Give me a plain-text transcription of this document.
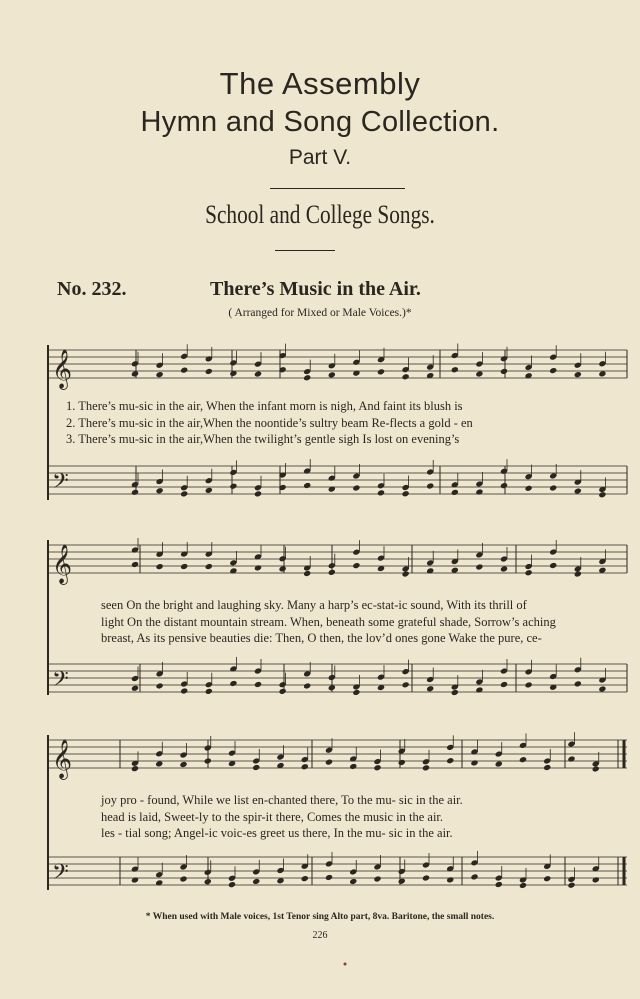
The Assembly
Hymn and Song Collection.
Part V.
School and College Songs.
No. 232.	There’s Music in the Air.
( Arranged for Mixed or Male Voices.)*
𝄞
𝄢
𝄞
𝄢
𝄞
𝄢
1. There’s mu-sic in the air, When the infant morn is nigh, And faint its blush is
2. There’s mu-sic in the air,When the noontide’s sultry beam Re-flects a gold - en
3. There’s mu-sic in the air,When the twilight’s gentle sigh Is lost on evening’s
seen On the bright and laughing sky. Many a harp’s ec-stat-ic sound, With its thrill of
light On the distant mountain stream. When, beneath some grateful shade, Sorrow’s aching
breast, As its pensive beauties die: Then, O then, the lov’d ones gone Wake the pure, ce-
joy pro - found, While we list en-chanted there, To the mu- sic in the air.
head is laid, Sweet-ly to the spir-it there, Comes the music in the air.
les - tial song; Angel-ic voic-es greet us there, In the mu- sic in the air.
* When used with Male voices, 1st Tenor sing Alto part, 8va. Baritone, the small notes.
226
